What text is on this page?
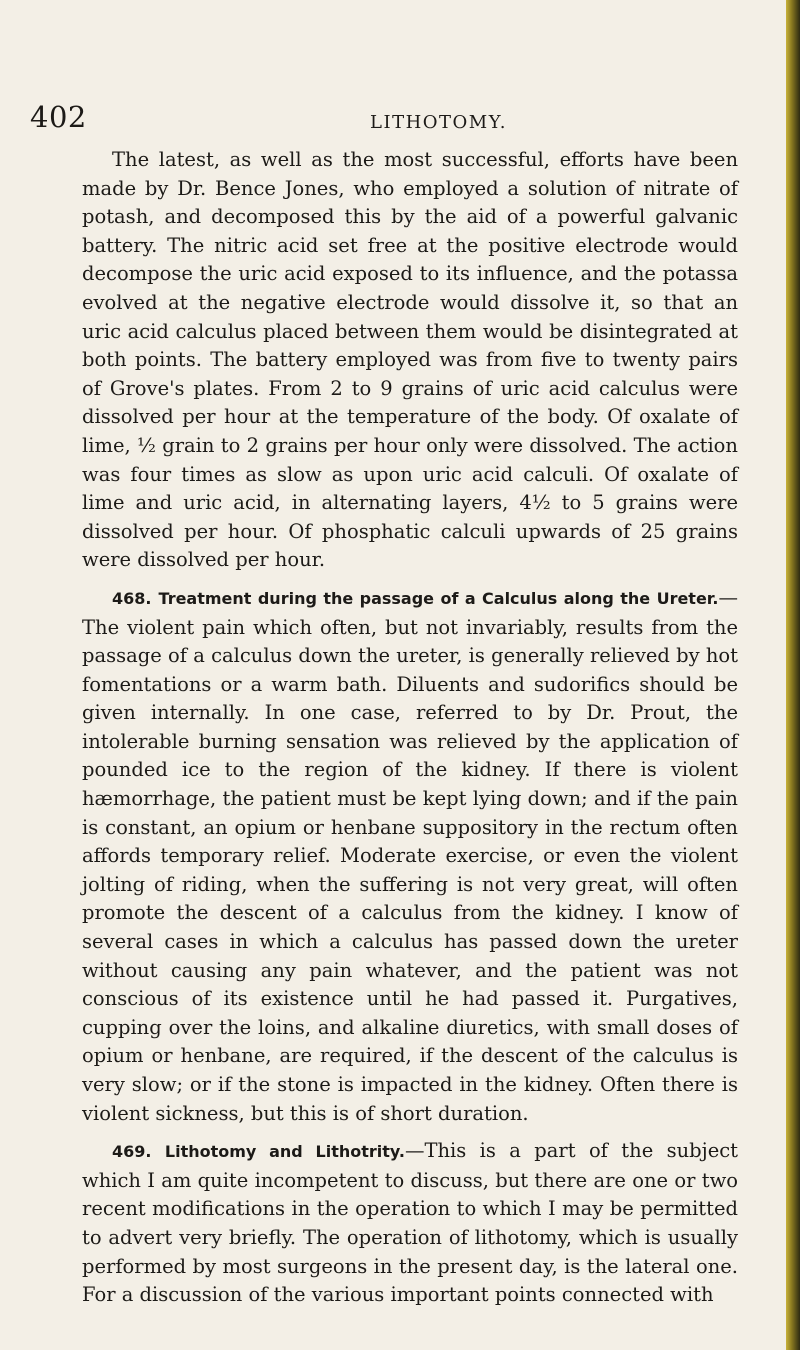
402	LITHOTOMY.

The latest, as well as the most successful, efforts have been made by Dr. Bence Jones, who employed a solution of nitrate of potash, and decomposed this by the aid of a powerful galvanic battery. The nitric acid set free at the positive electrode would decompose the uric acid exposed to its influence, and the potassa evolved at the negative electrode would dissolve it, so that an uric acid calculus placed between them would be disintegrated at both points. The battery employed was from five to twenty pairs of Grove's plates. From 2 to 9 grains of uric acid calculus were dissolved per hour at the temperature of the body. Of oxalate of lime, ½ grain to 2 grains per hour only were dissolved. The action was four times as slow as upon uric acid calculi. Of oxalate of lime and uric acid, in alternating layers, 4½ to 5 grains were dissolved per hour. Of phosphatic calculi upwards of 25 grains were dissolved per hour.

468. Treatment during the passage of a Calculus along the Ureter.—The violent pain which often, but not invariably, results from the passage of a calculus down the ureter, is generally relieved by hot fomentations or a warm bath. Diluents and sudorifics should be given internally. In one case, referred to by Dr. Prout, the intolerable burning sensation was relieved by the application of pounded ice to the region of the kidney. If there is violent hæmorrhage, the patient must be kept lying down; and if the pain is constant, an opium or henbane suppository in the rectum often affords temporary relief. Moderate exercise, or even the violent jolting of riding, when the suffering is not very great, will often promote the descent of a calculus from the kidney. I know of several cases in which a calculus has passed down the ureter without causing any pain whatever, and the patient was not conscious of its existence until he had passed it. Purgatives, cupping over the loins, and alkaline diuretics, with small doses of opium or henbane, are required, if the descent of the calculus is very slow; or if the stone is impacted in the kidney. Often there is violent sickness, but this is of short duration.

469. Lithotomy and Lithotrity.—This is a part of the subject which I am quite incompetent to discuss, but there are one or two recent modifications in the operation to which I may be permitted to advert very briefly. The operation of lithotomy, which is usually performed by most surgeons in the present day, is the lateral one. For a discussion of the various important points connected with
